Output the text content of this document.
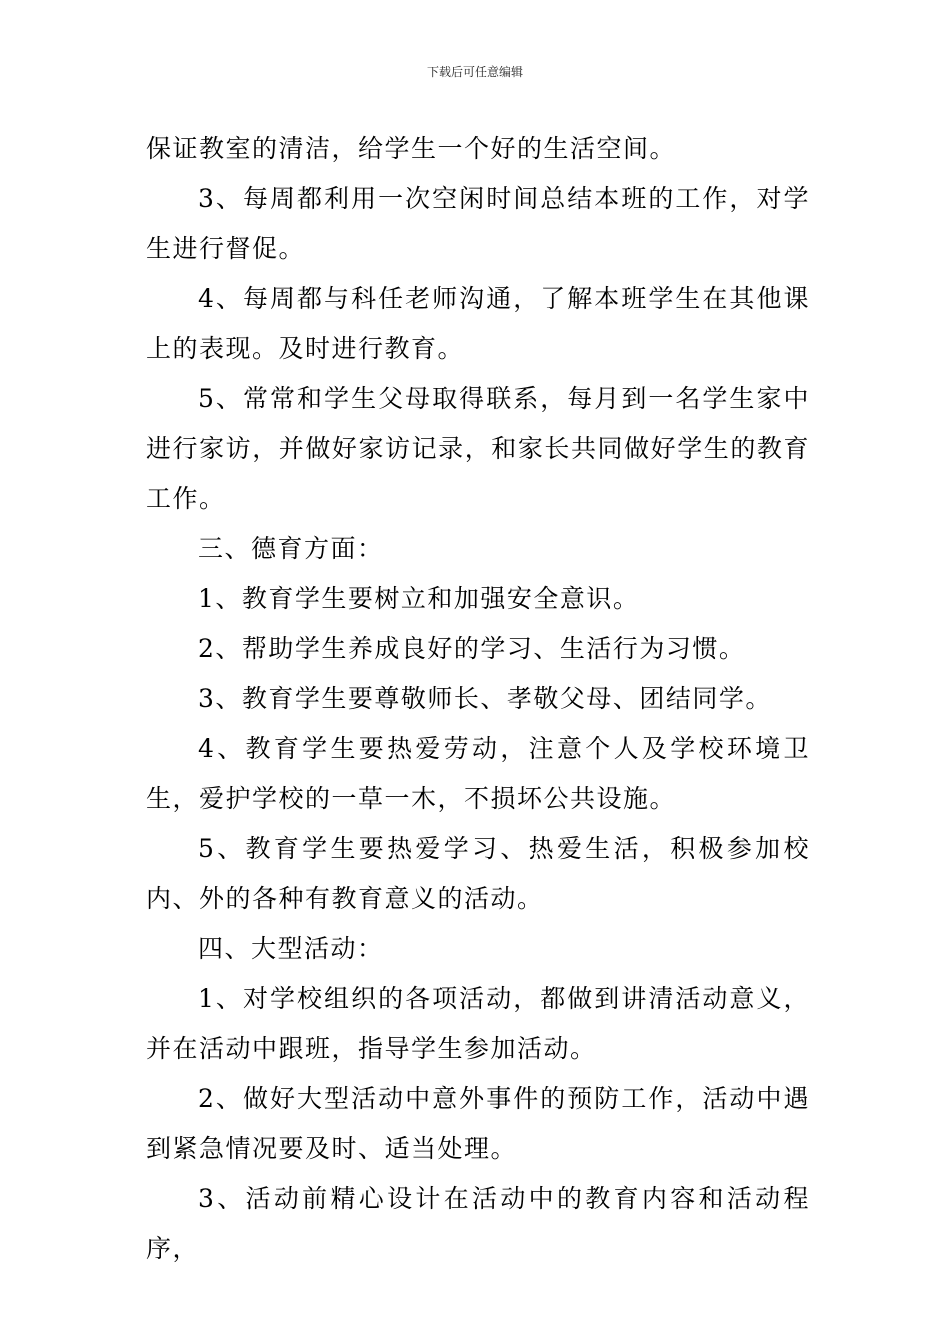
下载后可任意编辑

保证教室的清洁，给学生一个好的生活空间。

3、每周都利用一次空闲时间总结本班的工作，对学生进行督促。

4、每周都与科任老师沟通，了解本班学生在其他课上的表现。及时进行教育。

5、常常和学生父母取得联系，每月到一名学生家中进行家访，并做好家访记录，和家长共同做好学生的教育工作。

三、德育方面：

1、教育学生要树立和加强安全意识。

2、帮助学生养成良好的学习、生活行为习惯。

3、教育学生要尊敬师长、孝敬父母、团结同学。

4、教育学生要热爱劳动，注意个人及学校环境卫生，爱护学校的一草一木，不损坏公共设施。

5、教育学生要热爱学习、热爱生活，积极参加校内、外的各种有教育意义的活动。

四、大型活动：

1、对学校组织的各项活动，都做到讲清活动意义，并在活动中跟班，指导学生参加活动。

2、做好大型活动中意外事件的预防工作，活动中遇到紧急情况要及时、适当处理。

3、活动前精心设计在活动中的教育内容和活动程序，
